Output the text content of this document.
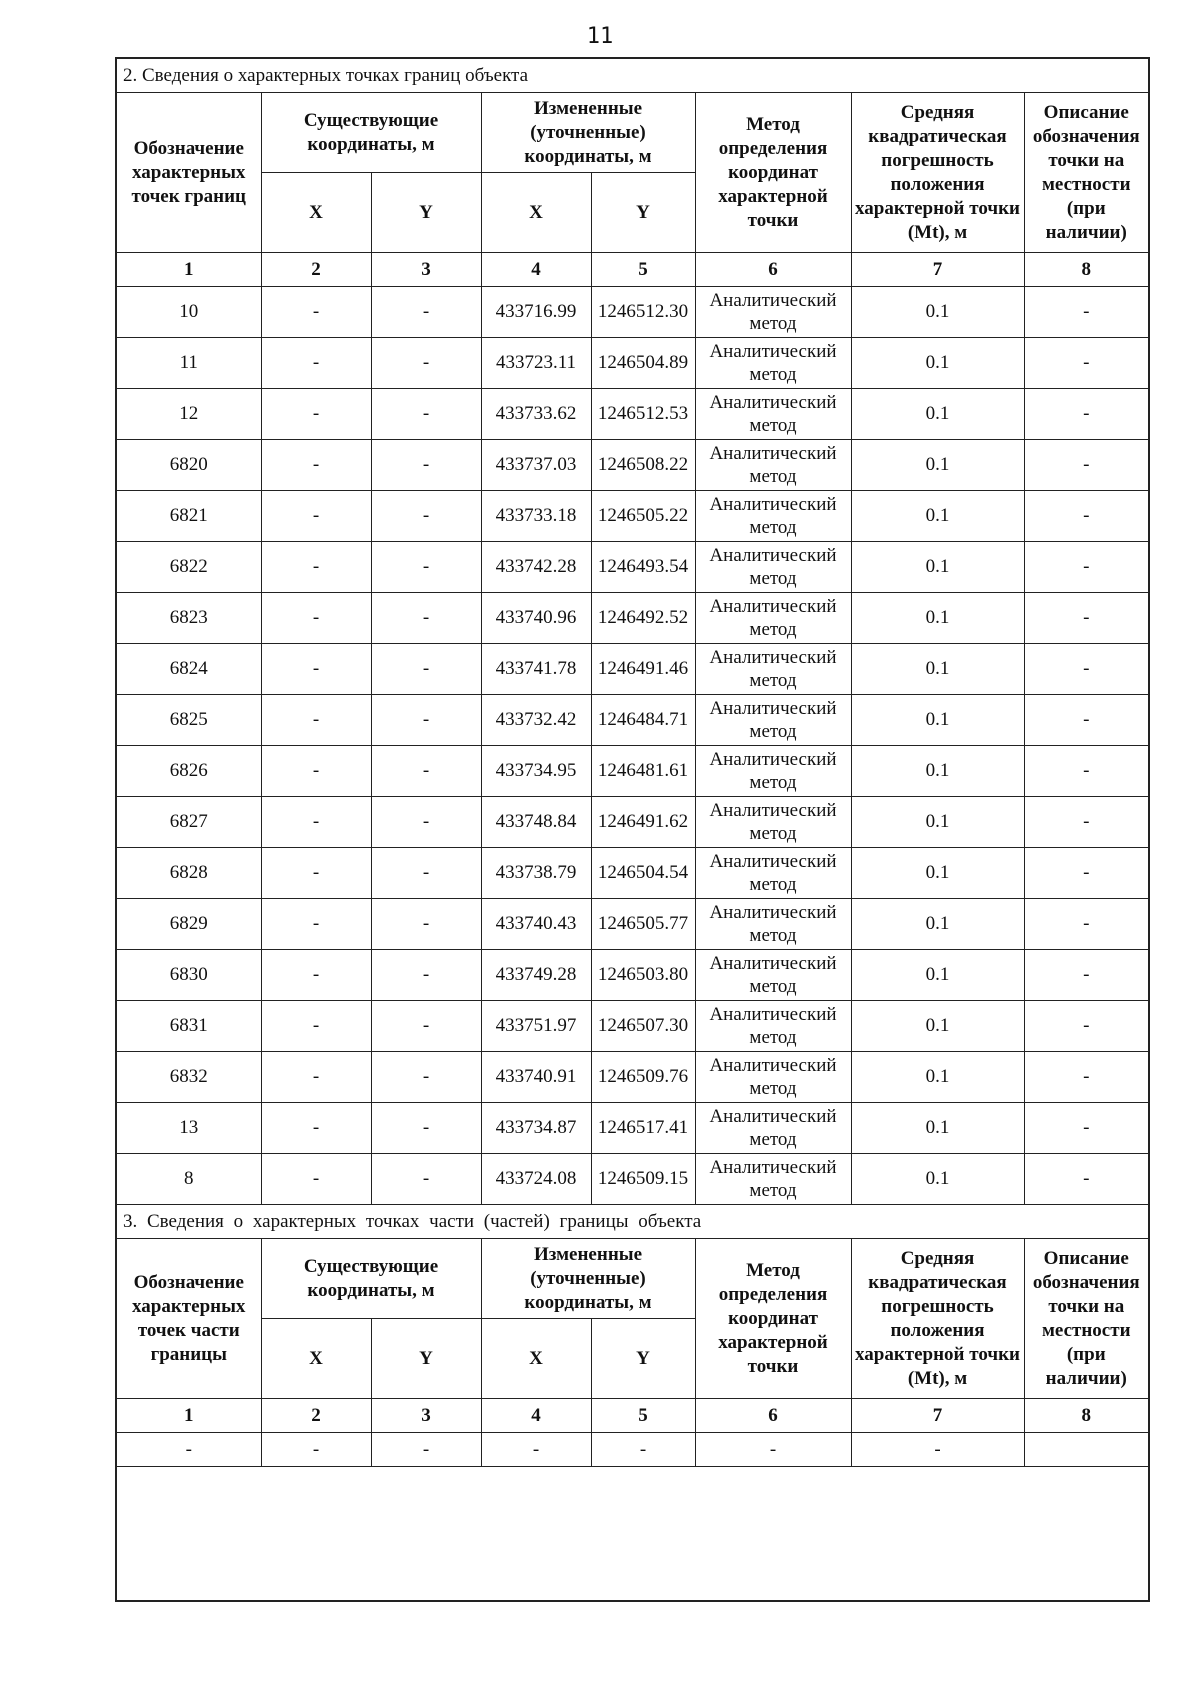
11
2. Сведения о характерных точках границ объекта							
Обозначение характерных точек границ	Существующие координаты, м		Измененные (уточненные) координаты, м		Метод определения координат характерной точки	Средняя квадратическая погрешность положения характерной точки (Mt), м	Описание обозначения точки на местности (при наличии)
	X	Y	X	Y			
1	2	3	4	5	6	7	8
10	-	-	433716.99	1246512.30	Аналитический метод	0.1	-
11	-	-	433723.11	1246504.89	Аналитический метод	0.1	-
12	-	-	433733.62	1246512.53	Аналитический метод	0.1	-
6820	-	-	433737.03	1246508.22	Аналитический метод	0.1	-
6821	-	-	433733.18	1246505.22	Аналитический метод	0.1	-
6822	-	-	433742.28	1246493.54	Аналитический метод	0.1	-
6823	-	-	433740.96	1246492.52	Аналитический метод	0.1	-
6824	-	-	433741.78	1246491.46	Аналитический метод	0.1	-
6825	-	-	433732.42	1246484.71	Аналитический метод	0.1	-
6826	-	-	433734.95	1246481.61	Аналитический метод	0.1	-
6827	-	-	433748.84	1246491.62	Аналитический метод	0.1	-
6828	-	-	433738.79	1246504.54	Аналитический метод	0.1	-
6829	-	-	433740.43	1246505.77	Аналитический метод	0.1	-
6830	-	-	433749.28	1246503.80	Аналитический метод	0.1	-
6831	-	-	433751.97	1246507.30	Аналитический метод	0.1	-
6832	-	-	433740.91	1246509.76	Аналитический метод	0.1	-
13	-	-	433734.87	1246517.41	Аналитический метод	0.1	-
8	-	-	433724.08	1246509.15	Аналитический метод	0.1	-
3. Сведения о характерных точках части (частей) границы объекта							
Обозначение характерных точек части границы	Существующие координаты, м		Измененные (уточненные) координаты, м		Метод определения координат характерной точки	Средняя квадратическая погрешность положения характерной точки (Mt), м	Описание обозначения точки на местности (при наличии)
	X	Y	X	Y			
1	2	3	4	5	6	7	8
-	-	-	-	-	-	-	
